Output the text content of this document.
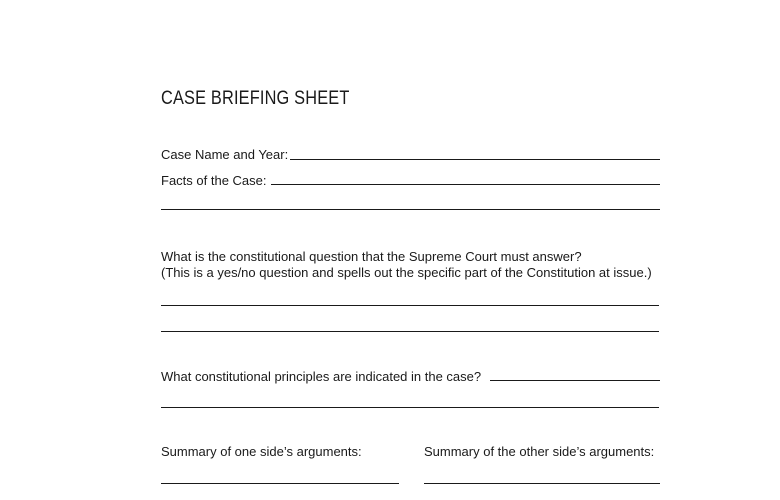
CASE BRIEFING SHEET
Case Name and Year:
Facts of the Case:
What is the constitutional question that the Supreme Court must answer?
(This is a yes/no question and spells out the specific part of the Constitution at issue.)
What constitutional principles are indicated in the case?
Summary of one side’s arguments:	Summary of the other side’s arguments:
